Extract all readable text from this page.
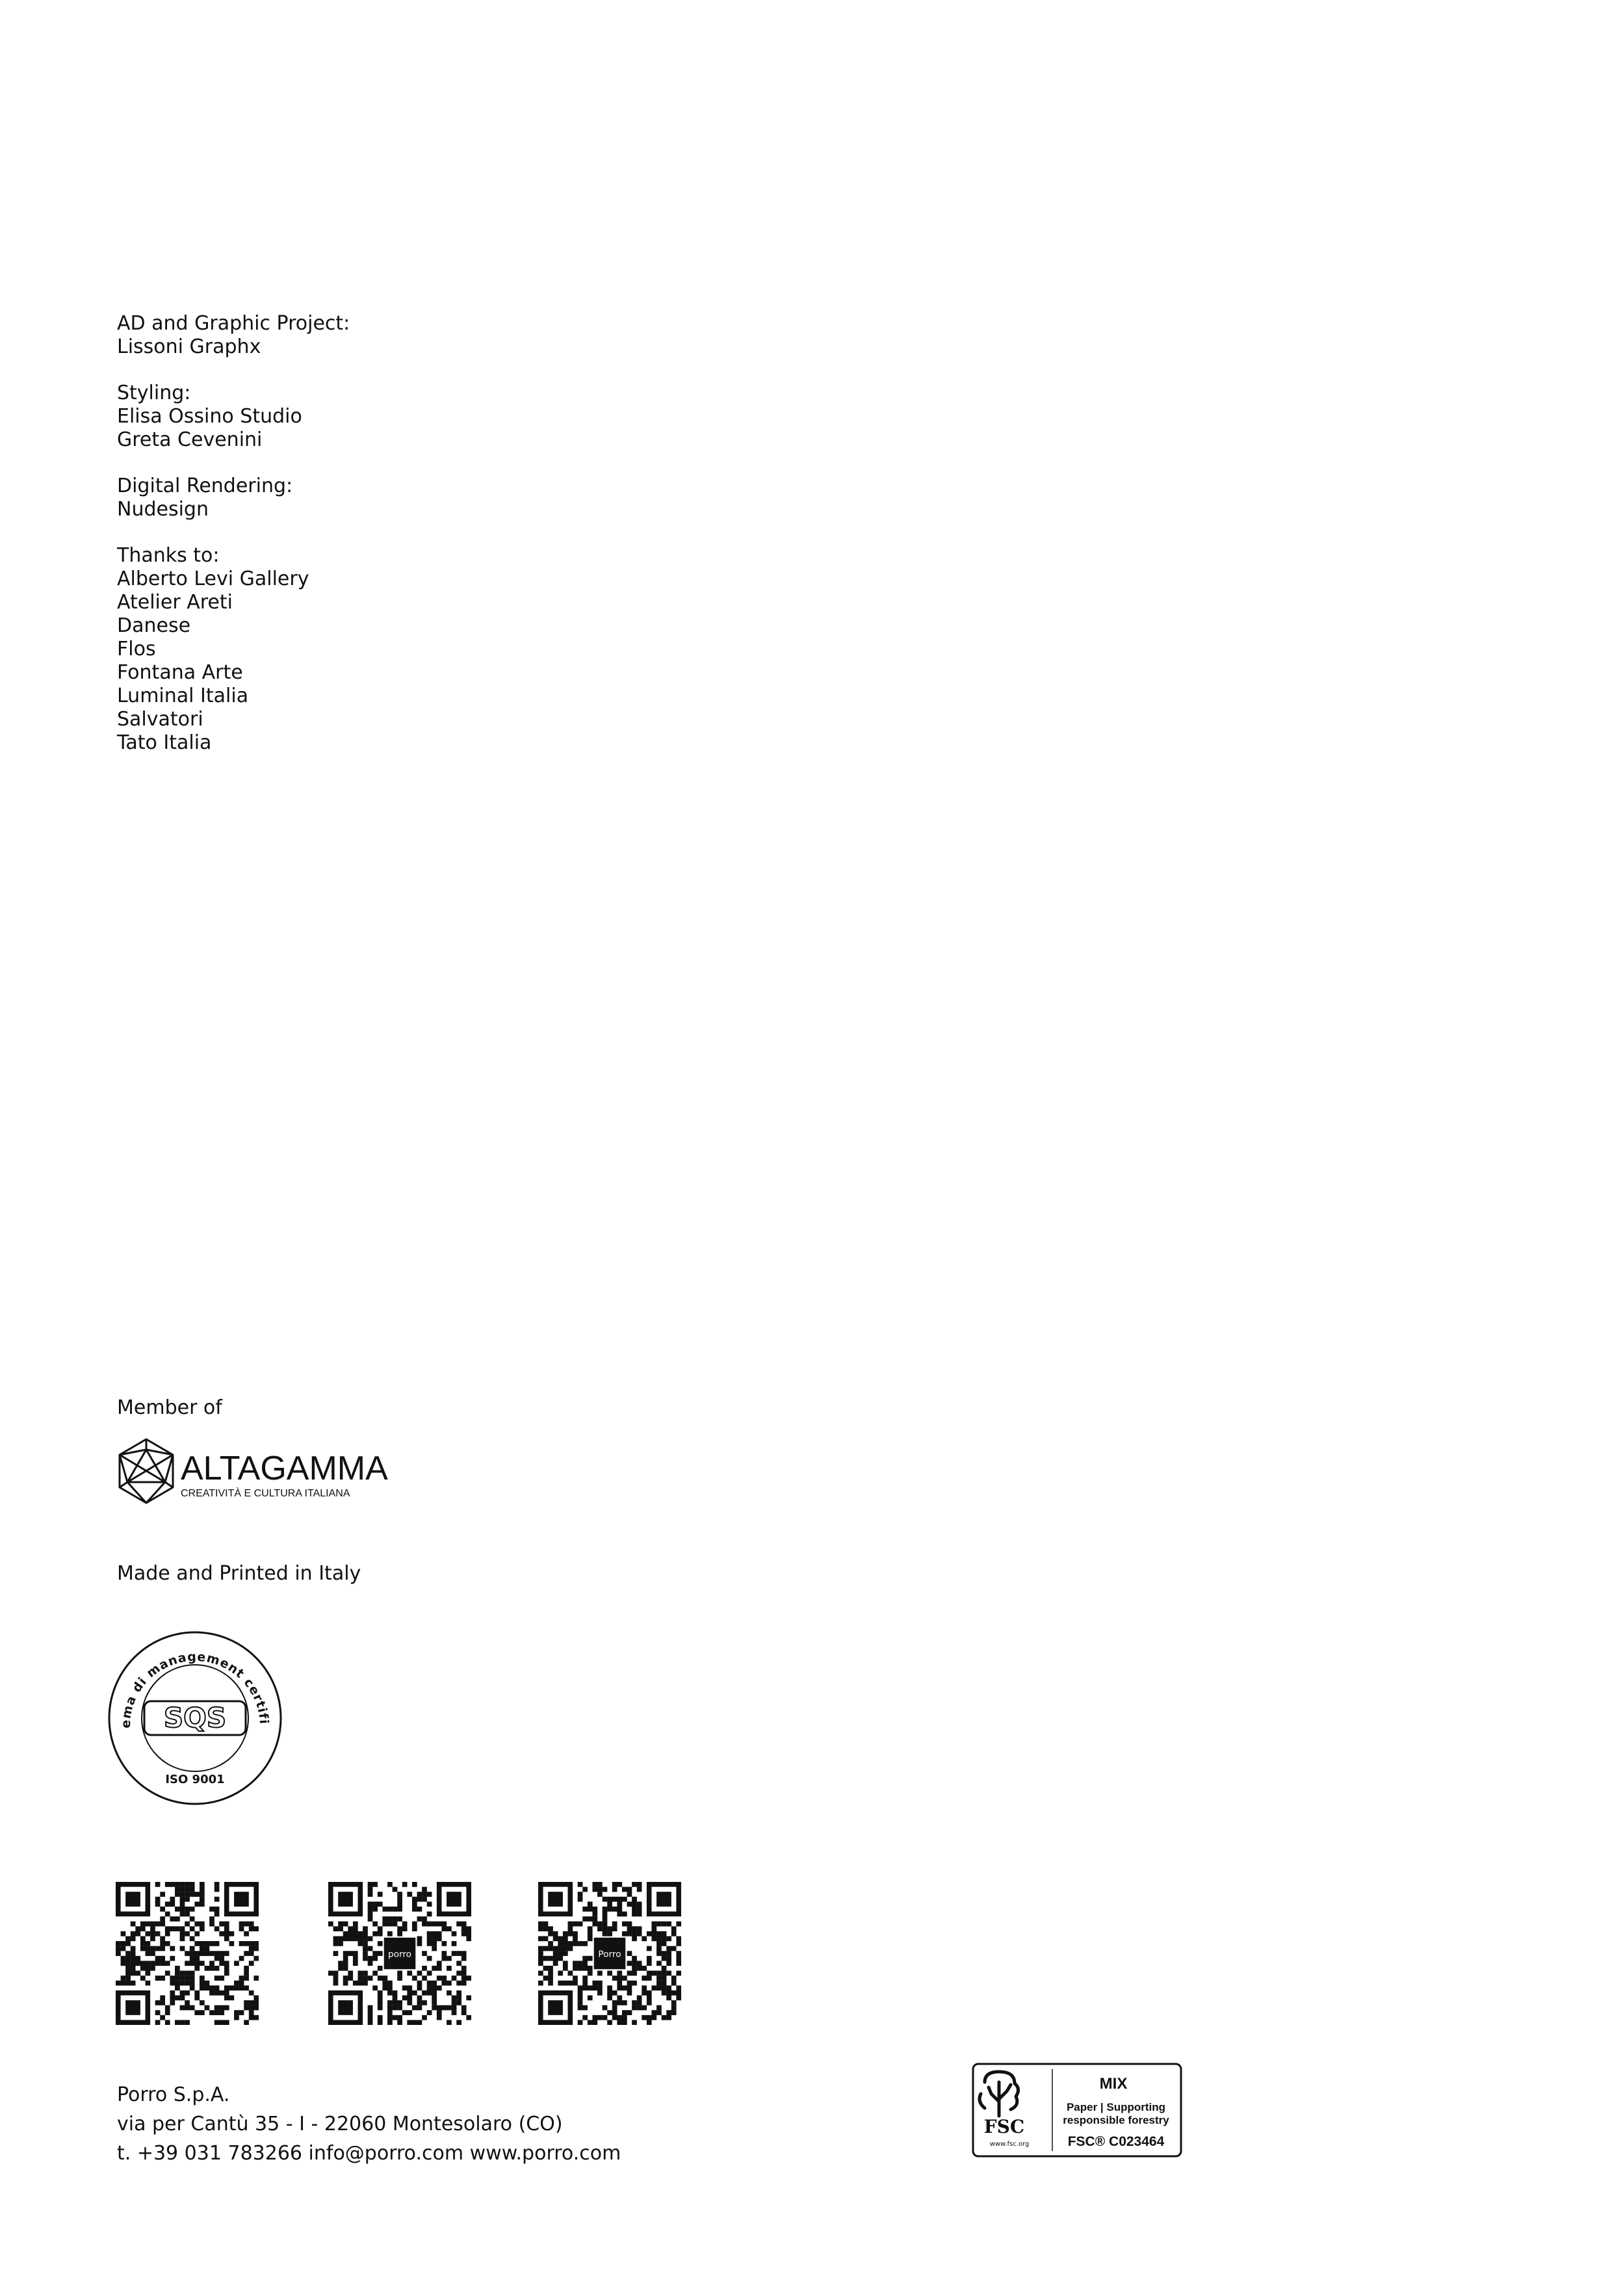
AD and Graphic Project:
Lissoni Graphx
Styling:
Elisa Ossino Studio
Greta Cevenini
Digital Rendering:
Nudesign
Thanks to:
Alberto Levi Gallery
Atelier Areti
Danese
Flos
Fontana Arte
Luminal Italia
Salvatori
Tato Italia
Member of
ALTAGAMMA
CREATIVITÀ E CULTURA ITALIANA
Made and Printed in Italy
ema di management certifi
SQS
ISO 9001
porro	Porro
Porro S.p.A.
via per Cantù 35 - I - 22060 Montesolaro (CO)
t. +39 031 783266 info@porro.com www.porro.com
FSC
www.fsc.org
MIX
Paper | Supporting
responsible forestry
FSC® C023464
